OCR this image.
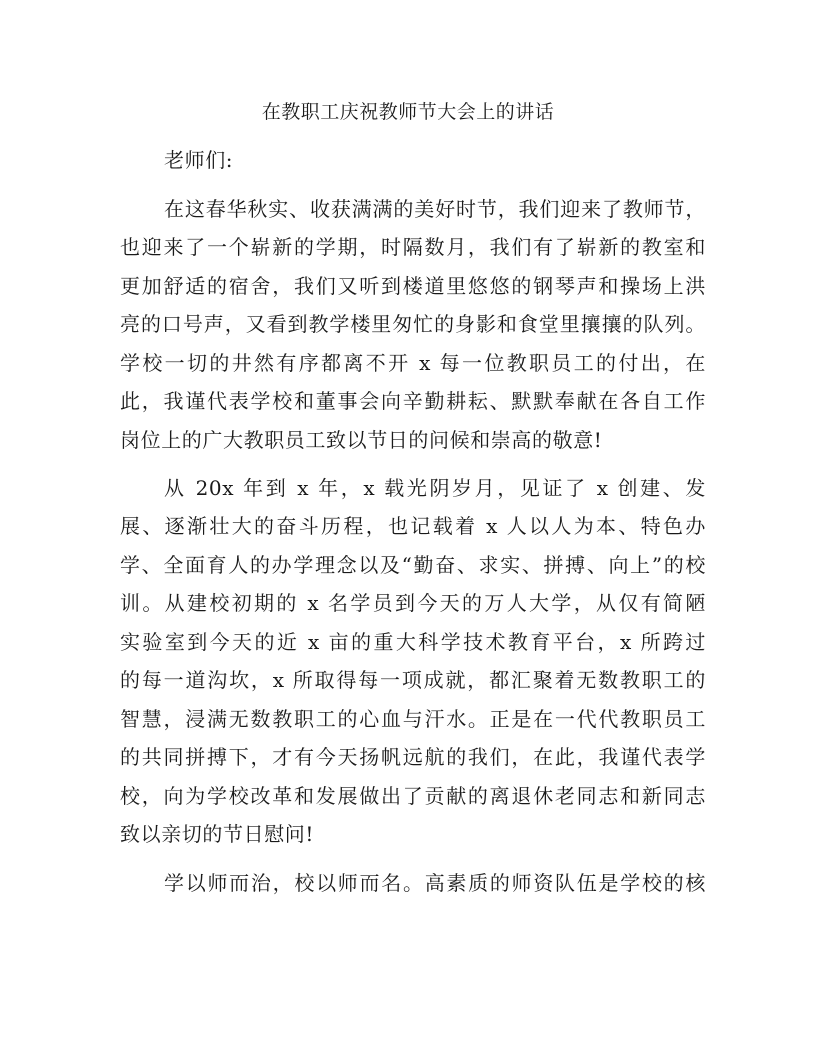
在教职工庆祝教师节大会上的讲话
老师们:
在这春华秋实、收获满满的美好时节，我们迎来了教师节，
也迎来了一个崭新的学期，时隔数月，我们有了崭新的教室和
更加舒适的宿舍，我们又听到楼道里悠悠的钢琴声和操场上洪
亮的口号声，又看到教学楼里匆忙的身影和食堂里攘攘的队列。
学校一切的井然有序都离不开 x 每一位教职员工的付出，在
此，我谨代表学校和董事会向辛勤耕耘、默默奉献在各自工作
岗位上的广大教职员工致以节日的问候和崇高的敬意!
从 20x 年到 x 年，x 载光阴岁月，见证了 x 创建、发
展、逐渐壮大的奋斗历程，也记载着 x 人以人为本、特色办
学、全面育人的办学理念以及“勤奋、求实、拼搏、向上”的校
训。从建校初期的 x 名学员到今天的万人大学，从仅有简陋
实验室到今天的近 x 亩的重大科学技术教育平台，x 所跨过
的每一道沟坎，x 所取得每一项成就，都汇聚着无数教职工的
智慧，浸满无数教职工的心血与汗水。正是在一代代教职员工
的共同拼搏下，才有今天扬帆远航的我们，在此，我谨代表学
校，向为学校改革和发展做出了贡献的离退休老同志和新同志
致以亲切的节日慰问!
学以师而治，校以师而名。高素质的师资队伍是学校的核
